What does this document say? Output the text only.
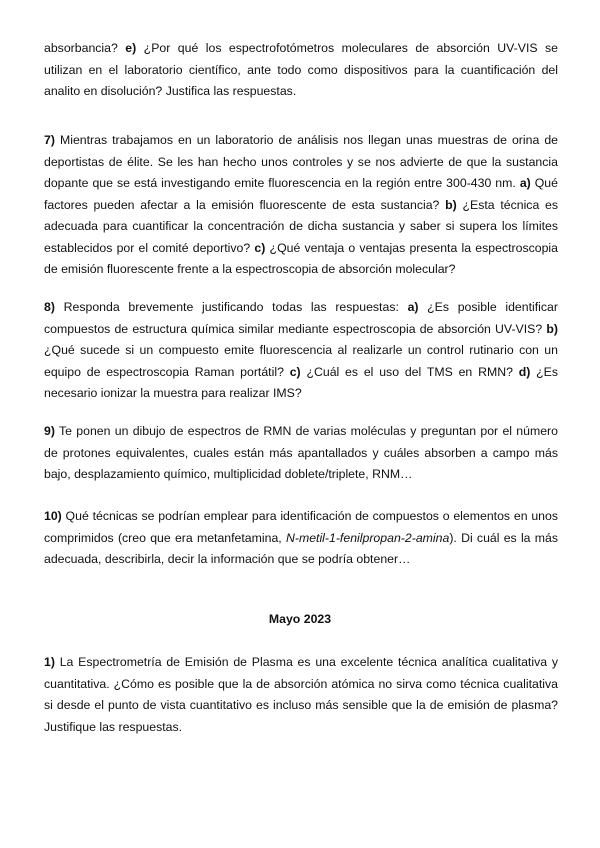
absorbancia? e) ¿Por qué los espectrofotómetros moleculares de absorción UV-VIS se utilizan en el laboratorio científico, ante todo como dispositivos para la cuantificación del analito en disolución? Justifica las respuestas.

7) Mientras trabajamos en un laboratorio de análisis nos llegan unas muestras de orina de deportistas de élite. Se les han hecho unos controles y se nos advierte de que la sustancia dopante que se está investigando emite fluorescencia en la región entre 300-430 nm. a) Qué factores pueden afectar a la emisión fluorescente de esta sustancia? b) ¿Esta técnica es adecuada para cuantificar la concentración de dicha sustancia y saber si supera los límites establecidos por el comité deportivo? c) ¿Qué ventaja o ventajas presenta la espectroscopia de emisión fluorescente frente a la espectroscopia de absorción molecular?

8) Responda brevemente justificando todas las respuestas: a) ¿Es posible identificar compuestos de estructura química similar mediante espectroscopia de absorción UV-VIS? b) ¿Qué sucede si un compuesto emite fluorescencia al realizarle un control rutinario con un equipo de espectroscopia Raman portátil? c) ¿Cuál es el uso del TMS en RMN? d) ¿Es necesario ionizar la muestra para realizar IMS?

9) Te ponen un dibujo de espectros de RMN de varias moléculas y preguntan por el número de protones equivalentes, cuales están más apantallados y cuáles absorben a campo más bajo, desplazamiento químico, multiplicidad doblete/triplete, RNM…

10) Qué técnicas se podrían emplear para identificación de compuestos o elementos en unos comprimidos (creo que era metanfetamina, N-metil-1-fenilpropan-2-amina). Di cuál es la más adecuada, describirla, decir la información que se podría obtener…

Mayo 2023

1) La Espectrometría de Emisión de Plasma es una excelente técnica analítica cualitativa y cuantitativa. ¿Cómo es posible que la de absorción atómica no sirva como técnica cualitativa si desde el punto de vista cuantitativo es incluso más sensible que la de emisión de plasma? Justifique las respuestas.
